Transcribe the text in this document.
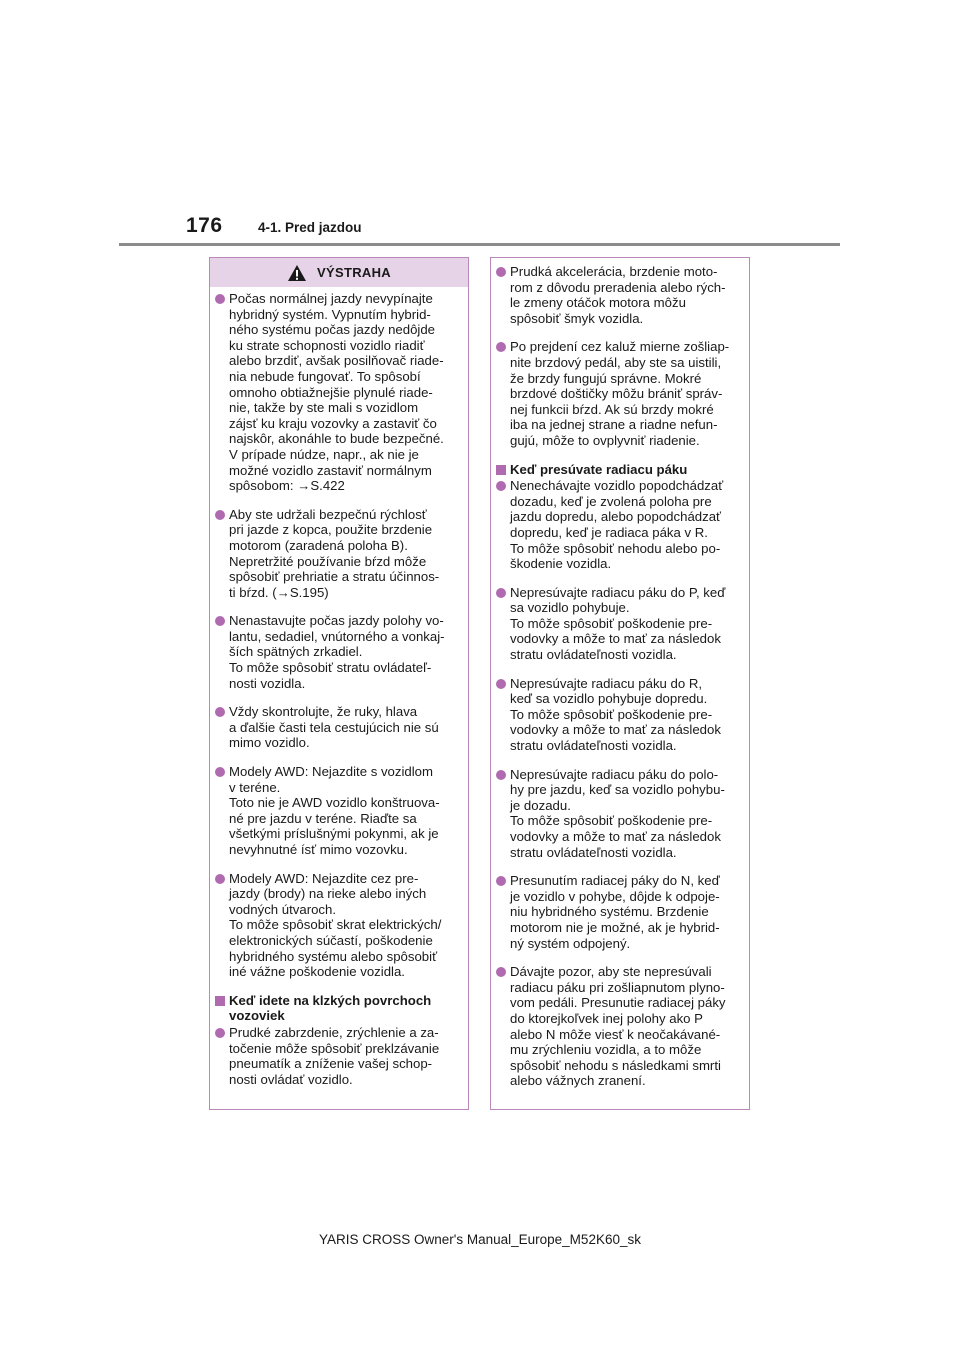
176	4-1. Pred jazdou
VÝSTRAHA
Počas normálnej jazdy nevypínajte
hybridný systém. Vypnutím hybrid-
ného systému počas jazdy nedôjde
ku strate schopnosti vozidlo riadiť
alebo brzdiť, avšak posilňovač riade-
nia nebude fungovať. To spôsobí
omnoho obtiažnejšie plynulé riade-
nie, takže by ste mali s vozidlom
zájsť ku kraju vozovky a zastaviť čo
najskôr, akonáhle to bude bezpečné.
V prípade núdze, napr., ak nie je
možné vozidlo zastaviť normálnym
spôsobom: →S.422
Aby ste udržali bezpečnú rýchlosť
pri jazde z kopca, použite brzdenie
motorom (zaradená poloha B).
Nepretržité používanie bŕzd môže
spôsobiť prehriatie a stratu účinnos-
ti bŕzd. (→S.195)
Nenastavujte počas jazdy polohy vo-
lantu, sedadiel, vnútorného a vonkaj-
ších spätných zrkadiel.
To môže spôsobiť stratu ovládateľ-
nosti vozidla.
Vždy skontrolujte, že ruky, hlava
a ďalšie časti tela cestujúcich nie sú
mimo vozidlo.
Modely AWD: Nejazdite s vozidlom
v teréne.
Toto nie je AWD vozidlo konštruova-
né pre jazdu v teréne. Riaďte sa
všetkými príslušnými pokynmi, ak je
nevyhnutné ísť mimo vozovku.
Modely AWD: Nejazdite cez pre-
jazdy (brody) na rieke alebo iných
vodných útvaroch.
To môže spôsobiť skrat elektrických/
elektronických súčastí, poškodenie
hybridného systému alebo spôsobiť
iné vážne poškodenie vozidla.
Keď idete na klzkých povrchoch
vozoviek
Prudké zabrzdenie, zrýchlenie a za-
točenie môže spôsobiť preklzávanie
pneumatík a zníženie vašej schop-
nosti ovládať vozidlo.
Prudká akcelerácia, brzdenie moto-
rom z dôvodu preradenia alebo rých-
le zmeny otáčok motora môžu
spôsobiť šmyk vozidla.
Po prejdení cez kaluž mierne zošliap-
nite brzdový pedál, aby ste sa uistili,
že brzdy fungujú správne. Mokré
brzdové doštičky môžu brániť správ-
nej funkcii bŕzd. Ak sú brzdy mokré
iba na jednej strane a riadne nefun-
gujú, môže to ovplyvniť riadenie.
Keď presúvate radiacu páku
Nenechávajte vozidlo popodchádzať
dozadu, keď je zvolená poloha pre
jazdu dopredu, alebo popodchádzať
dopredu, keď je radiaca páka v R.
To môže spôsobiť nehodu alebo po-
škodenie vozidla.
Nepresúvajte radiacu páku do P, keď
sa vozidlo pohybuje.
To môže spôsobiť poškodenie pre-
vodovky a môže to mať za následok
stratu ovládateľnosti vozidla.
Nepresúvajte radiacu páku do R,
keď sa vozidlo pohybuje dopredu.
To môže spôsobiť poškodenie pre-
vodovky a môže to mať za následok
stratu ovládateľnosti vozidla.
Nepresúvajte radiacu páku do polo-
hy pre jazdu, keď sa vozidlo pohybu-
je dozadu.
To môže spôsobiť poškodenie pre-
vodovky a môže to mať za následok
stratu ovládateľnosti vozidla.
Presunutím radiacej páky do N, keď
je vozidlo v pohybe, dôjde k odpoje-
niu hybridného systému. Brzdenie
motorom nie je možné, ak je hybrid-
ný systém odpojený.
Dávajte pozor, aby ste nepresúvali
radiacu páku pri zošliapnutom plyno-
vom pedáli. Presunutie radiacej páky
do ktorejkoľvek inej polohy ako P
alebo N môže viesť k neočakávané-
mu zrýchleniu vozidla, a to môže
spôsobiť nehodu s následkami smrti
alebo vážnych zranení.
YARIS CROSS Owner's Manual_Europe_M52K60_sk
